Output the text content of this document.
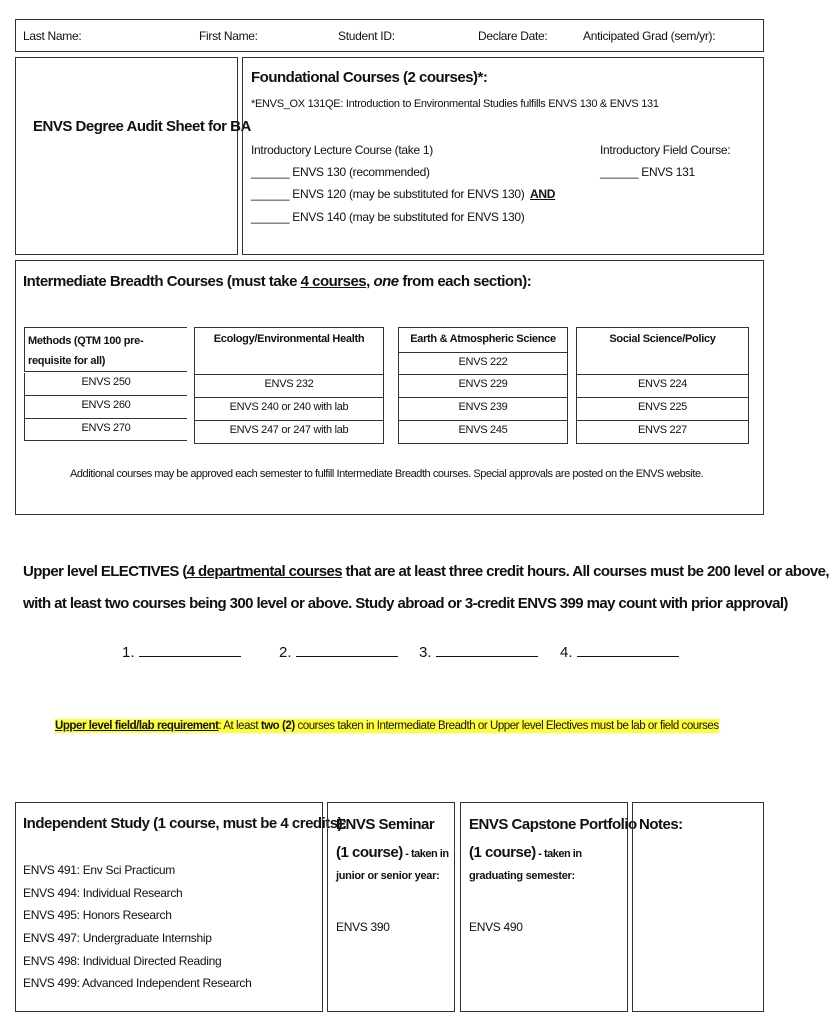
Last Name:	First Name:	Student ID:	Declare Date:	Anticipated Grad (sem/yr):
ENVS Degree Audit Sheet for BA
Foundational Courses (2 courses)*:
*ENVS_OX 131QE: Introduction to Environmental Studies fulfills ENVS 130 & ENVS 131
Introductory Lecture Course (take 1)
______ ENVS 130 (recommended)
______ ENVS 120 (may be substituted for ENVS 130)
______ ENVS 140 (may be substituted for ENVS 130)
AND
Introductory Field Course:
______ ENVS 131
Intermediate Breadth Courses (must take 4 courses, one from each section):
Methods (QTM 100 pre-requisite for all)
ENVS 250
ENVS 260
ENVS 270
Ecology/Environmental Health
ENVS 232
ENVS 240 or 240 with lab
ENVS 247 or 247 with lab
Earth & Atmospheric Science
ENVS 222
ENVS 229
ENVS 239
ENVS 245
Social Science/Policy
ENVS 224
ENVS 225
ENVS 227
Additional courses may be approved each semester to fulfill Intermediate Breadth courses. Special approvals are posted on the ENVS website.
Upper level ELECTIVES (4 departmental courses that are at least three credit hours. All courses must be 200 level or above,
with at least two courses being 300 level or above. Study abroad or 3-credit ENVS 399 may count with prior approval)
1.	2.	3.	4.
Upper level field/lab requirement: At least two (2) courses taken in Intermediate Breadth or Upper level Electives must be lab or field courses
Independent Study (1 course, must be 4 credits):
ENVS 491: Env Sci Practicum
ENVS 494: Individual Research
ENVS 495: Honors Research
ENVS 497: Undergraduate Internship
ENVS 498: Individual Directed Reading
ENVS 499: Advanced Independent Research
ENVS Seminar
(1 course) - taken in
junior or senior year:
ENVS 390
ENVS Capstone Portfolio
(1 course) - taken in
graduating semester:
ENVS 490
Notes:
